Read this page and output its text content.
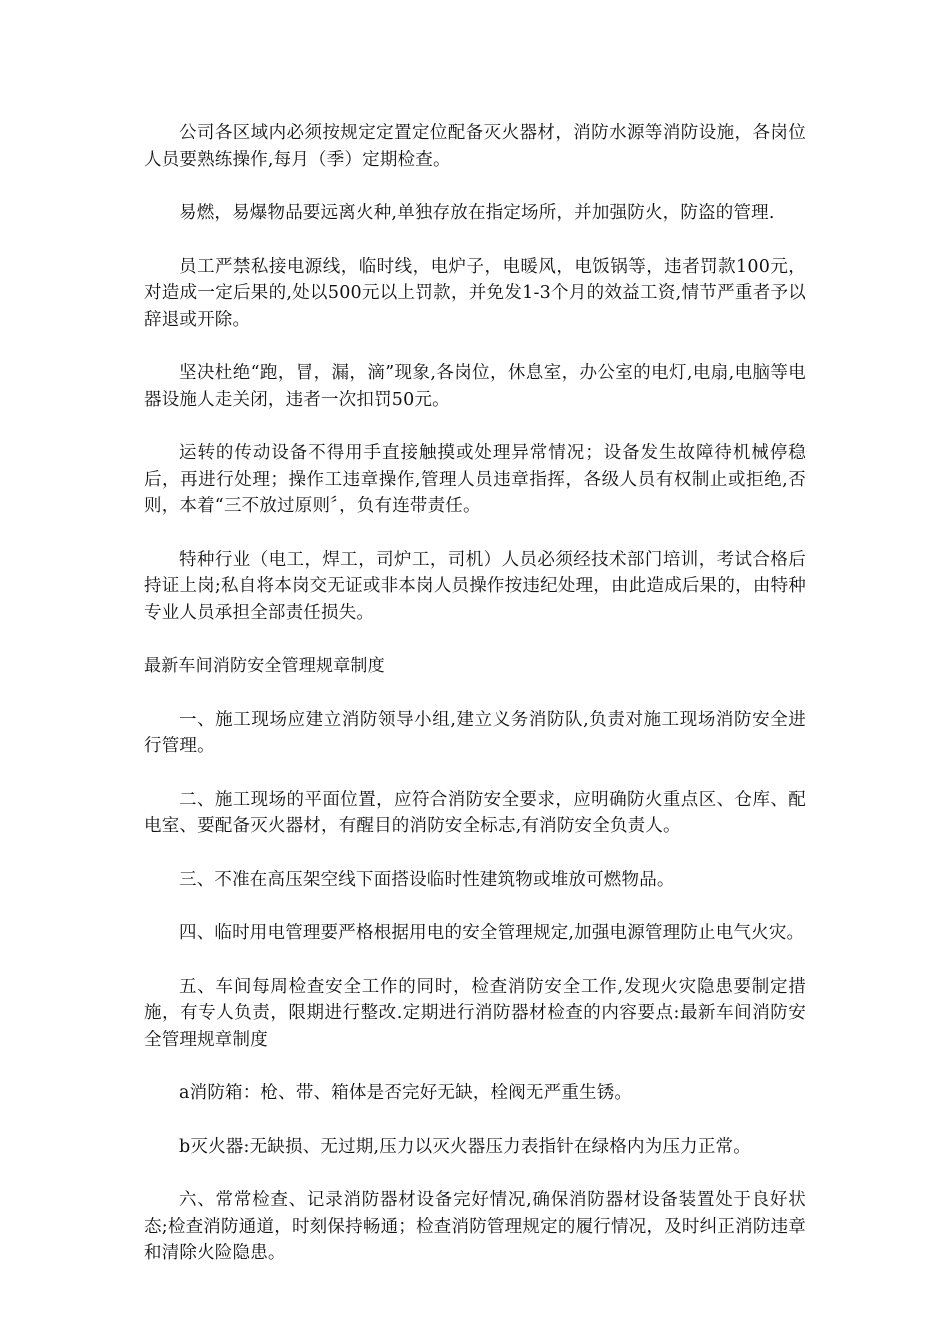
公司各区域内必须按规定定置定位配备灭火器材，消防水源等消防设施，各岗位人员要熟练操作,每月（季）定期检查。

易燃，易爆物品要远离火种,单独存放在指定场所，并加强防火，防盗的管理.

员工严禁私接电源线，临时线，电炉子，电暖风，电饭锅等，违者罚款100元，对造成一定后果的,处以500元以上罚款，并免发1-3个月的效益工资,情节严重者予以辞退或开除。

坚决杜绝“跑，冒，漏，滴”现象,各岗位，休息室，办公室的电灯,电扇,电脑等电器设施人走关闭，违者一次扣罚50元。

运转的传动设备不得用手直接触摸或处理异常情况；设备发生故障待机械停稳后，再进行处理；操作工违章操作,管理人员违章指挥，各级人员有权制止或拒绝,否则，本着“三不放过原则〞，负有连带责任。

特种行业（电工，焊工，司炉工，司机）人员必须经技术部门培训，考试合格后持证上岗;私自将本岗交无证或非本岗人员操作按违纪处理，由此造成后果的，由特种专业人员承担全部责任损失。

最新车间消防安全管理规章制度

一、施工现场应建立消防领导小组,建立义务消防队,负责对施工现场消防安全进行管理。

二、施工现场的平面位置，应符合消防安全要求，应明确防火重点区、仓库、配电室、要配备灭火器材，有醒目的消防安全标志,有消防安全负责人。

三、不准在高压架空线下面搭设临时性建筑物或堆放可燃物品。

四、临时用电管理要严格根据用电的安全管理规定,加强电源管理防止电气火灾。

五、车间每周检查安全工作的同时，检查消防安全工作,发现火灾隐患要制定措施，有专人负责，限期进行整改.定期进行消防器材检查的内容要点:最新车间消防安全管理规章制度

a消防箱：枪、带、箱体是否完好无缺，栓阀无严重生锈。

b灭火器:无缺损、无过期,压力以灭火器压力表指针在绿格内为压力正常。

六、常常检查、记录消防器材设备完好情况,确保消防器材设备装置处于良好状态;检查消防通道，时刻保持畅通；检查消防管理规定的履行情况，及时纠正消防违章和清除火险隐患。
